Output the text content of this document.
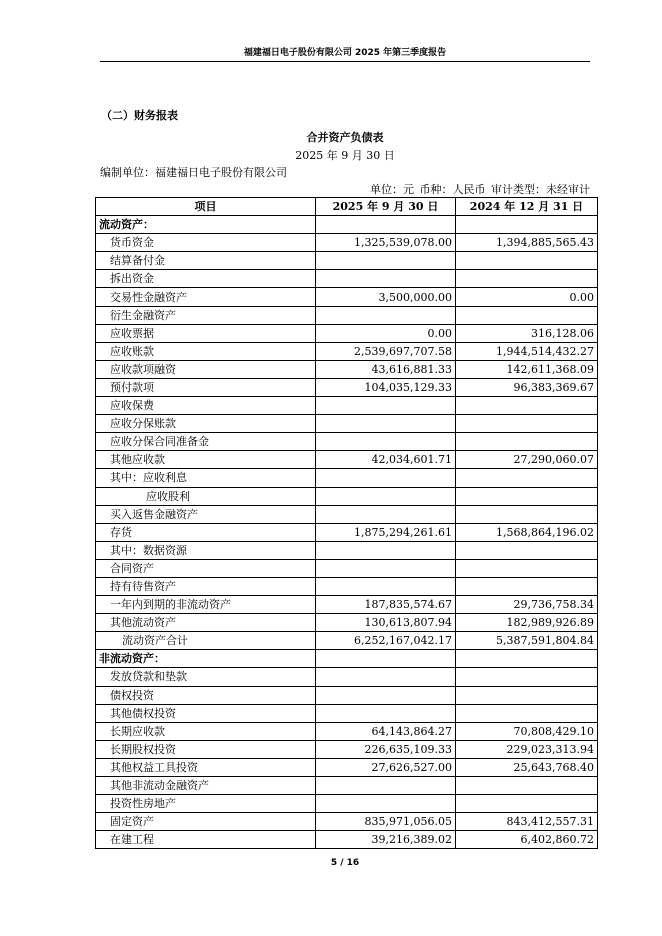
福建福日电子股份有限公司 2025 年第三季度报告
（二）财务报表
合并资产负债表
2025 年 9 月 30 日
编制单位：福建福日电子股份有限公司
单位：元 币种：人民币 审计类型：未经审计
项目	2025 年 9 月 30 日	2024 年 12 月 31 日
流动资产：		
货币资金	1,325,539,078.00	1,394,885,565.43
结算备付金		
拆出资金		
交易性金融资产	3,500,000.00	0.00
衍生金融资产		
应收票据	0.00	316,128.06
应收账款	2,539,697,707.58	1,944,514,432.27
应收款项融资	43,616,881.33	142,611,368.09
预付款项	104,035,129.33	96,383,369.67
应收保费		
应收分保账款		
应收分保合同准备金		
其他应收款	42,034,601.71	27,290,060.07
其中：应收利息		
应收股利		
买入返售金融资产		
存货	1,875,294,261.61	1,568,864,196.02
其中：数据资源		
合同资产		
持有待售资产		
一年内到期的非流动资产	187,835,574.67	29,736,758.34
其他流动资产	130,613,807.94	182,989,926.89
流动资产合计	6,252,167,042.17	5,387,591,804.84
非流动资产：		
发放贷款和垫款		
债权投资		
其他债权投资		
长期应收款	64,143,864.27	70,808,429.10
长期股权投资	226,635,109.33	229,023,313.94
其他权益工具投资	27,626,527.00	25,643,768.40
其他非流动金融资产		
投资性房地产		
固定资产	835,971,056.05	843,412,557.31
在建工程	39,216,389.02	6,402,860.72
5 / 16
